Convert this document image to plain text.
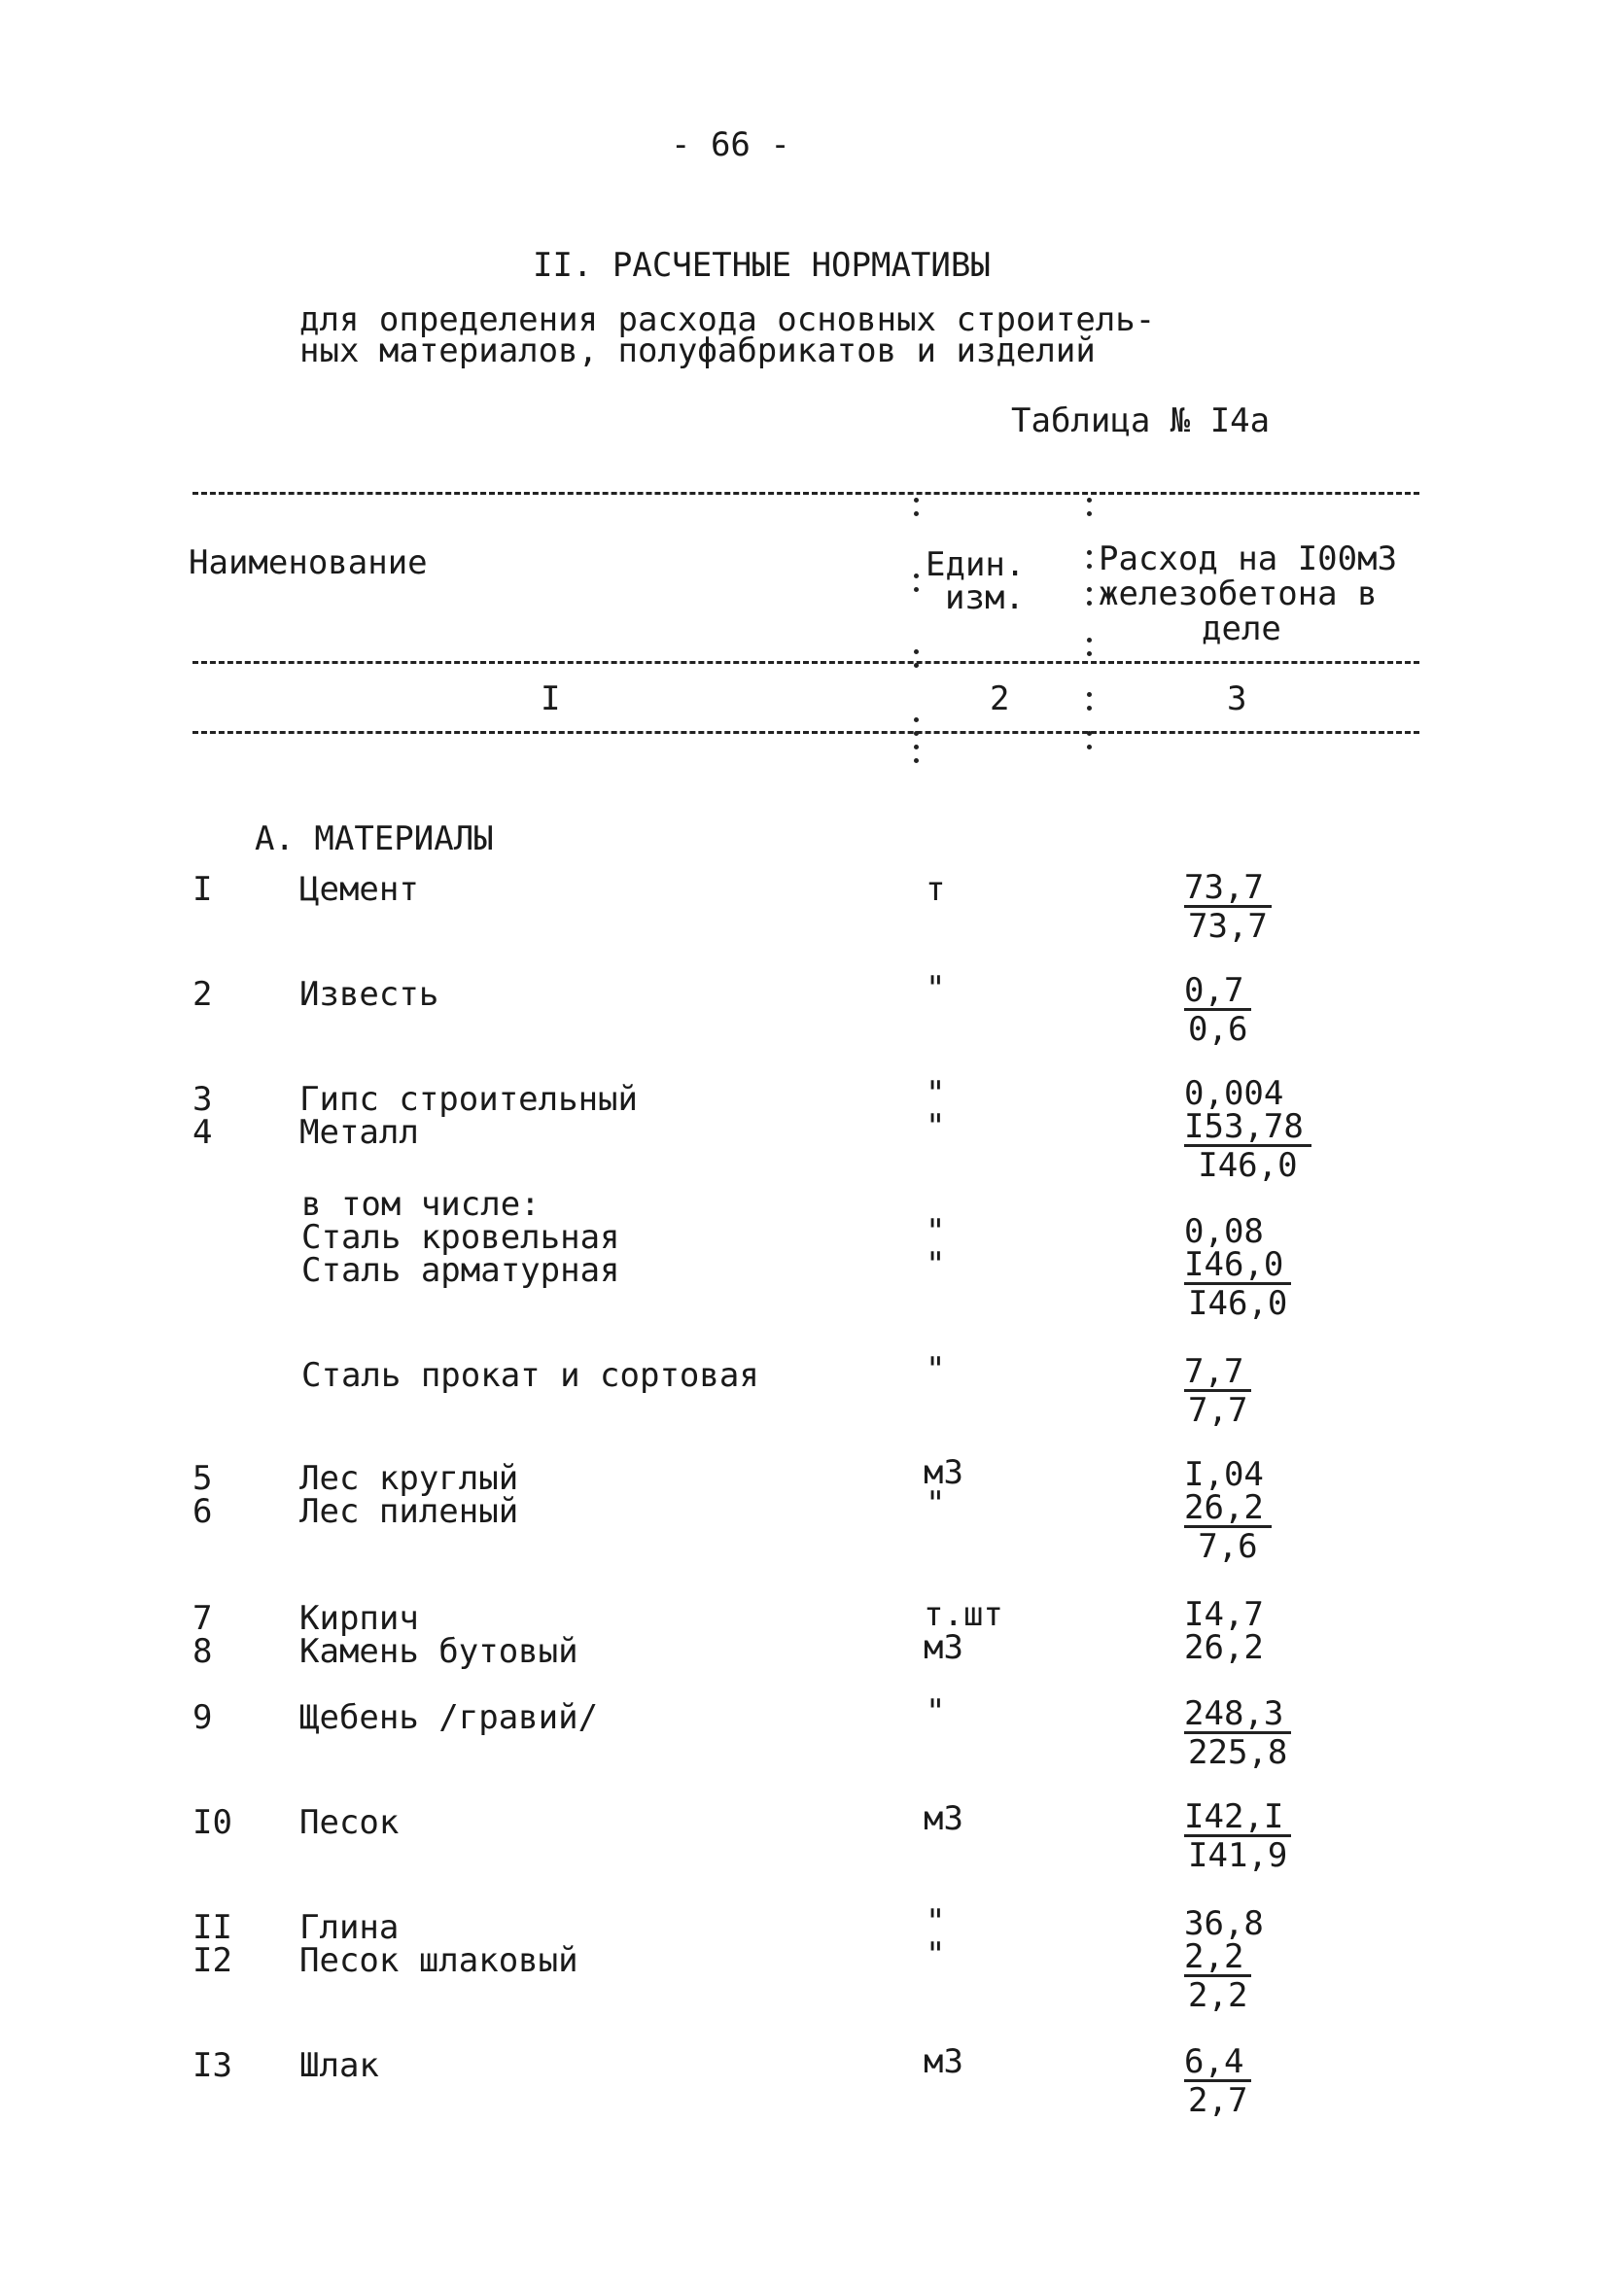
- 66 -
II. РАСЧЕТНЫЕ НОРМАТИВЫ
для определения расхода основных строитель-
ных материалов, полуфабрикатов и изделий
Таблица № I4а
Наименование	Един.
изм.
Расход на I00м3
железобетона в
деле
I	2	3
А. МАТЕРИАЛЫ
I	Цемент	т	$\frac{73,7}{73,7}$
2	Известь	"	$\frac{0,7}{0,6}$
3	Гипс строительный	"	0,004
4	Металл	"	$\frac{I53,78}{I46,0}$
в том числе:
Сталь кровельная	"	0,08
Сталь арматурная	"	$\frac{I46,0}{I46,0}$
Сталь прокат и сортовая	"	$\frac{7,7}{7,7}$
5	Лес круглый	м3	I,04
6	Лес пиленый	"	$\frac{26,2}{7,6}$
7	Кирпич	т.шт	I4,7
8	Камень бутовый	м3	26,2
9	Щебень /гравий/	"	$\frac{248,3}{225,8}$
I0 Песок	м3	$\frac{I42,I}{I41,9}$
II Глина	"	36,8
I2 Песок шлаковый	"	$\frac{2,2}{2,2}$
I3 Шлак	м3	$\frac{6,4}{2,7}$
